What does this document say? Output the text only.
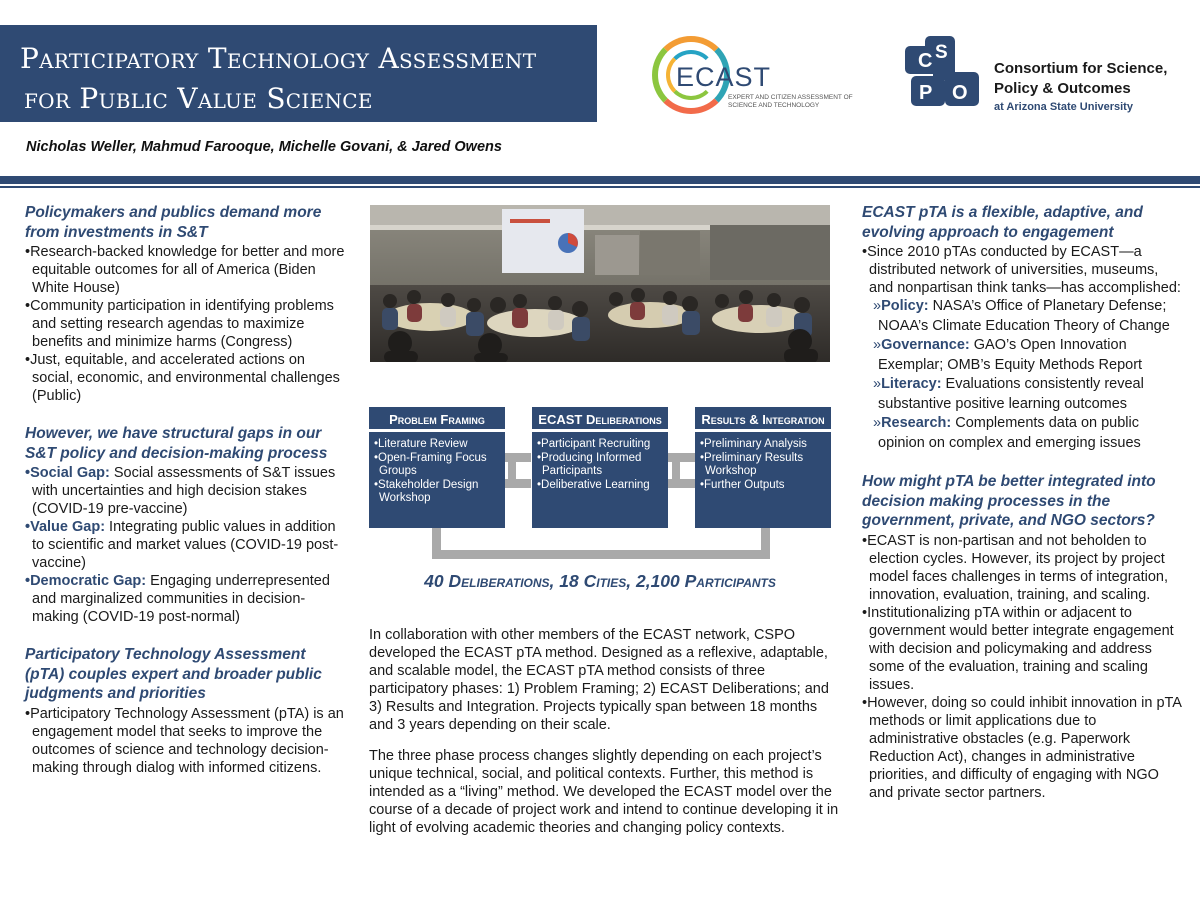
Participatory Technology Assessment
for Public Value Science
ECAST
EXPERT AND CITIZEN ASSESSMENT OF SCIENCE AND TECHNOLOGY
C S
P O
Consortium for Science,
Policy & Outcomes
at Arizona State University
Nicholas Weller, Mahmud Farooque, Michelle Govani, & Jared Owens
Policymakers and publics demand more from investments in S&T
•Research-backed knowledge for better and more equitable outcomes for all of America (Biden White House)
•Community participation in identifying problems and setting research agendas to maximize benefits and minimize harms (Congress)
•Just, equitable, and accelerated actions on social, economic, and environmental challenges (Public)
However, we have structural gaps in our S&T policy and decision-making process
•Social Gap: Social assessments of S&T issues with uncertainties and high decision stakes (COVID-19 pre-vaccine)
•Value Gap: Integrating public values in addition to scientific and market values (COVID-19 post-vaccine)
•Democratic Gap: Engaging underrepresented and marginalized communities in decision-making (COVID-19 post-normal)
Participatory Technology Assessment (pTA) couples expert and broader public judgments and priorities
•Participatory Technology Assessment (pTA) is an engagement model that seeks to improve the outcomes of science and technology decision-making through dialog with informed citizens.
Problem Framing
•Literature Review
•Open-Framing Focus Groups
•Stakeholder Design Workshop
ECAST Deliberations
•Participant Recruiting
•Producing Informed Participants
•Deliberative Learning
Results & Integration
•Preliminary Analysis
•Preliminary Results Workshop
•Further Outputs
40 Deliberations, 18 Cities, 2,100 Participants
In collaboration with other members of the ECAST network, CSPO developed the ECAST pTA method. Designed as a reflexive, adaptable, and scalable model, the ECAST pTA method consists of three participatory phases: 1) Problem Framing; 2) ECAST Deliberations; and 3) Results and Integration. Projects typically span between 18 months and 3 years depending on their scale.
The three phase process changes slightly depending on each project’s unique technical, social, and political contexts. Further, this method is intended as a “living” method. We developed the ECAST model over the course of a decade of project work and intend to continue developing it in light of evolving academic theories and changing policy contexts.
ECAST pTA is a flexible, adaptive, and evolving approach to engagement
•Since 2010 pTAs conducted by ECAST—a distributed network of universities, museums, and nonpartisan think tanks—has accomplished:
»Policy: NASA’s Office of Planetary Defense; NOAA’s Climate Education Theory of Change
»Governance: GAO’s Open Innovation Exemplar; OMB’s Equity Methods Report
»Literacy: Evaluations consistently reveal substantive positive learning outcomes
»Research: Complements data on public opinion on complex and emerging issues
How might pTA be better integrated into decision making processes in the government, private, and NGO sectors?
•ECAST is non-partisan and not beholden to election cycles. However, its project by project model faces challenges in terms of integration, innovation, evaluation, training, and scaling.
•Institutionalizing pTA within or adjacent to government would better integrate engagement with decision and policymaking and address some of the evaluation, training and scaling issues.
•However, doing so could inhibit innovation in pTA methods or limit applications due to administrative obstacles (e.g. Paperwork Reduction Act), changes in administrative priorities, and difficulty of engaging with NGO and private sector partners.
